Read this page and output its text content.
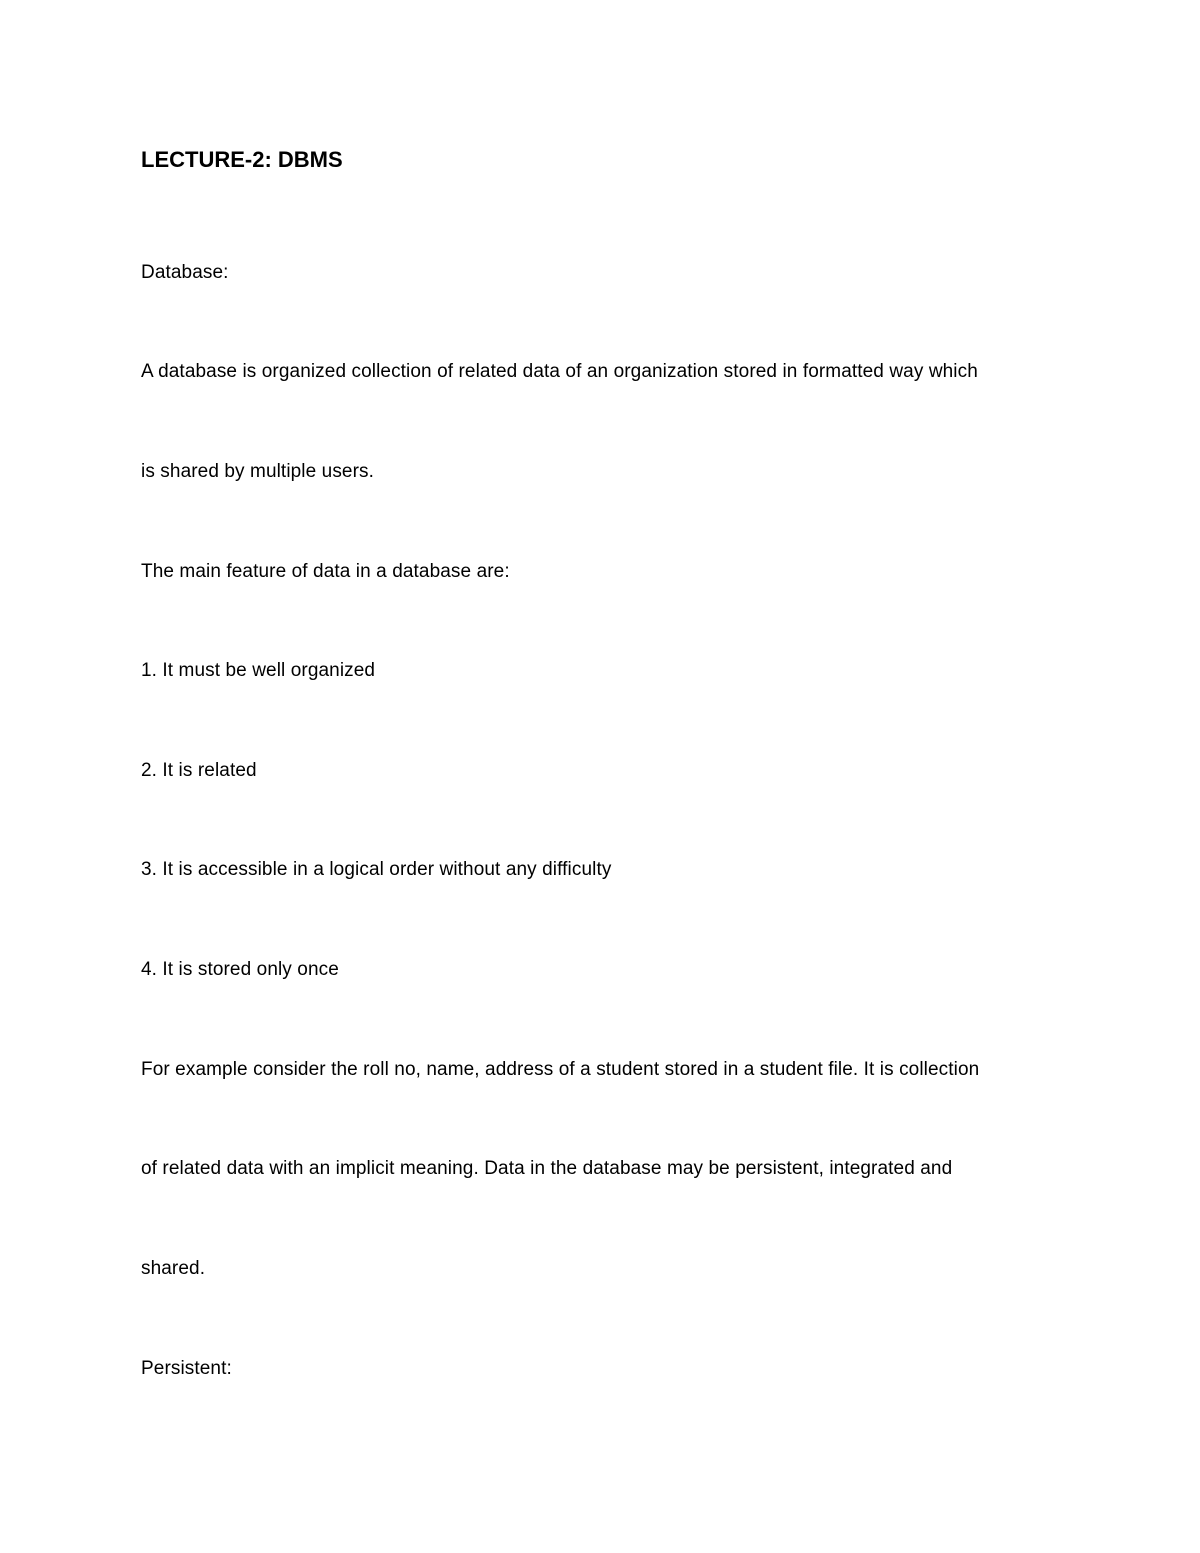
LECTURE-2: DBMS
Database:
A database is organized collection of related data of an organization stored in formatted way which
is shared by multiple users.
The main feature of data in a database are:
1. It must be well organized
2. It is related
3. It is accessible in a logical order without any difficulty
4. It is stored only once
For example consider the roll no, name, address of a student stored in a student file. It is collection
of related data with an implicit meaning. Data in the database may be persistent, integrated and
shared.
Persistent:
